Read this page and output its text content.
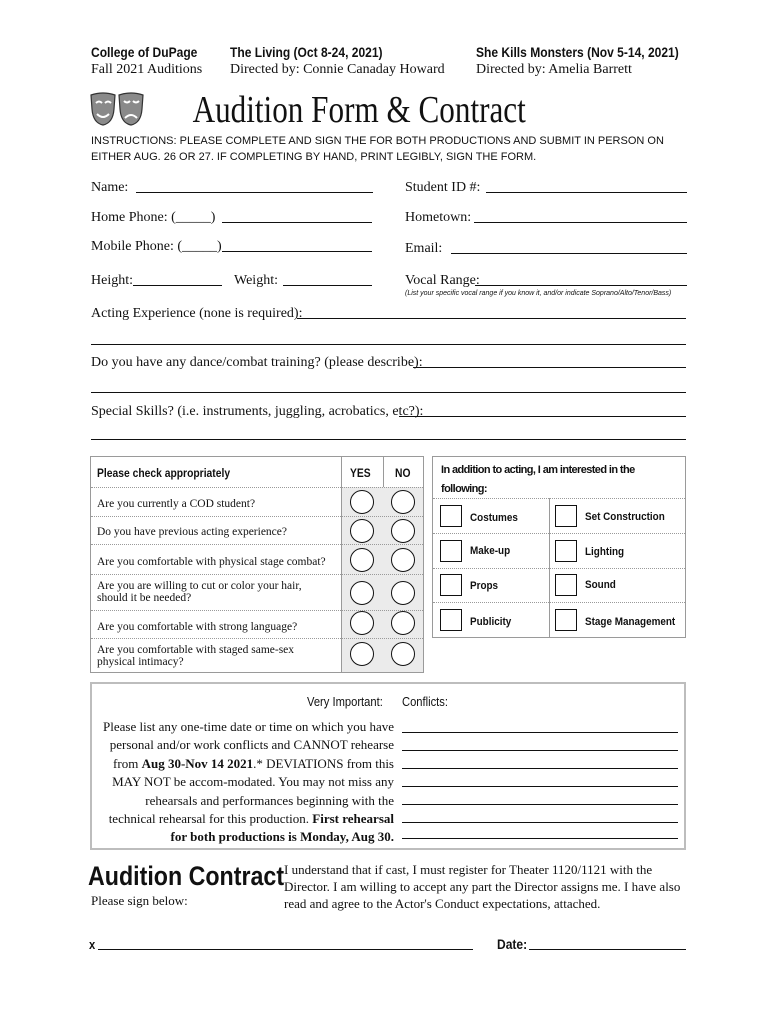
College of DuPage
Fall 2021 Auditions
The Living (Oct 8-24, 2021)
Directed by: Connie Canaday Howard
She Kills Monsters (Nov 5-14, 2021)
Directed by: Amelia Barrett
Audition Form & Contract
INSTRUCTIONS: PLEASE COMPLETE AND SIGN THE FOR BOTH PRODUCTIONS AND SUBMIT IN PERSON ON
EITHER AUG. 26 OR 27. IF COMPLETING BY HAND, PRINT LEGIBLY, SIGN THE FORM.
Name:	Student ID #:
Home Phone: (_____)	Hometown:
Mobile Phone: (_____)	Email:
Height:	Weight:	Vocal Range:
(List your specific vocal range if you know it, and/or indicate Soprano/Alto/Tenor/Bass)
Acting Experience (none is required):
Do you have any dance/combat training? (please describe):
Special Skills? (i.e. instruments, juggling, acrobatics, etc?):
Please check appropriately	YES NO
Are you currently a COD student?
Do you have previous acting experience?
Are you comfortable with physical stage combat?
Are you are willing to cut or color your hair, should it be needed?
Are you comfortable with strong language?
Are you comfortable with staged same-sex physical intimacy?
In addition to acting, I am interested in the following:
Costumes	Set Construction
Make-up	Lighting
Props	Sound
Publicity	Stage Management
Very Important: Conflicts:
Please list any one-time date or time on which you have personal and/or work conflicts and CANNOT rehearse from Aug 30-Nov 14 2021.* DEVIATIONS from this MAY NOT be accom-modated. You may not miss any rehearsals and performances beginning with the technical rehearsal for this production. First rehearsal for both productions is Monday, Aug 30.
Audition Contract
Please sign below:
I understand that if cast, I must register for Theater 1120/1121 with the Director. I am willing to accept any part the Director assigns me. I have also read and agree to the Actor's Conduct expectations, attached.
x	Date:
